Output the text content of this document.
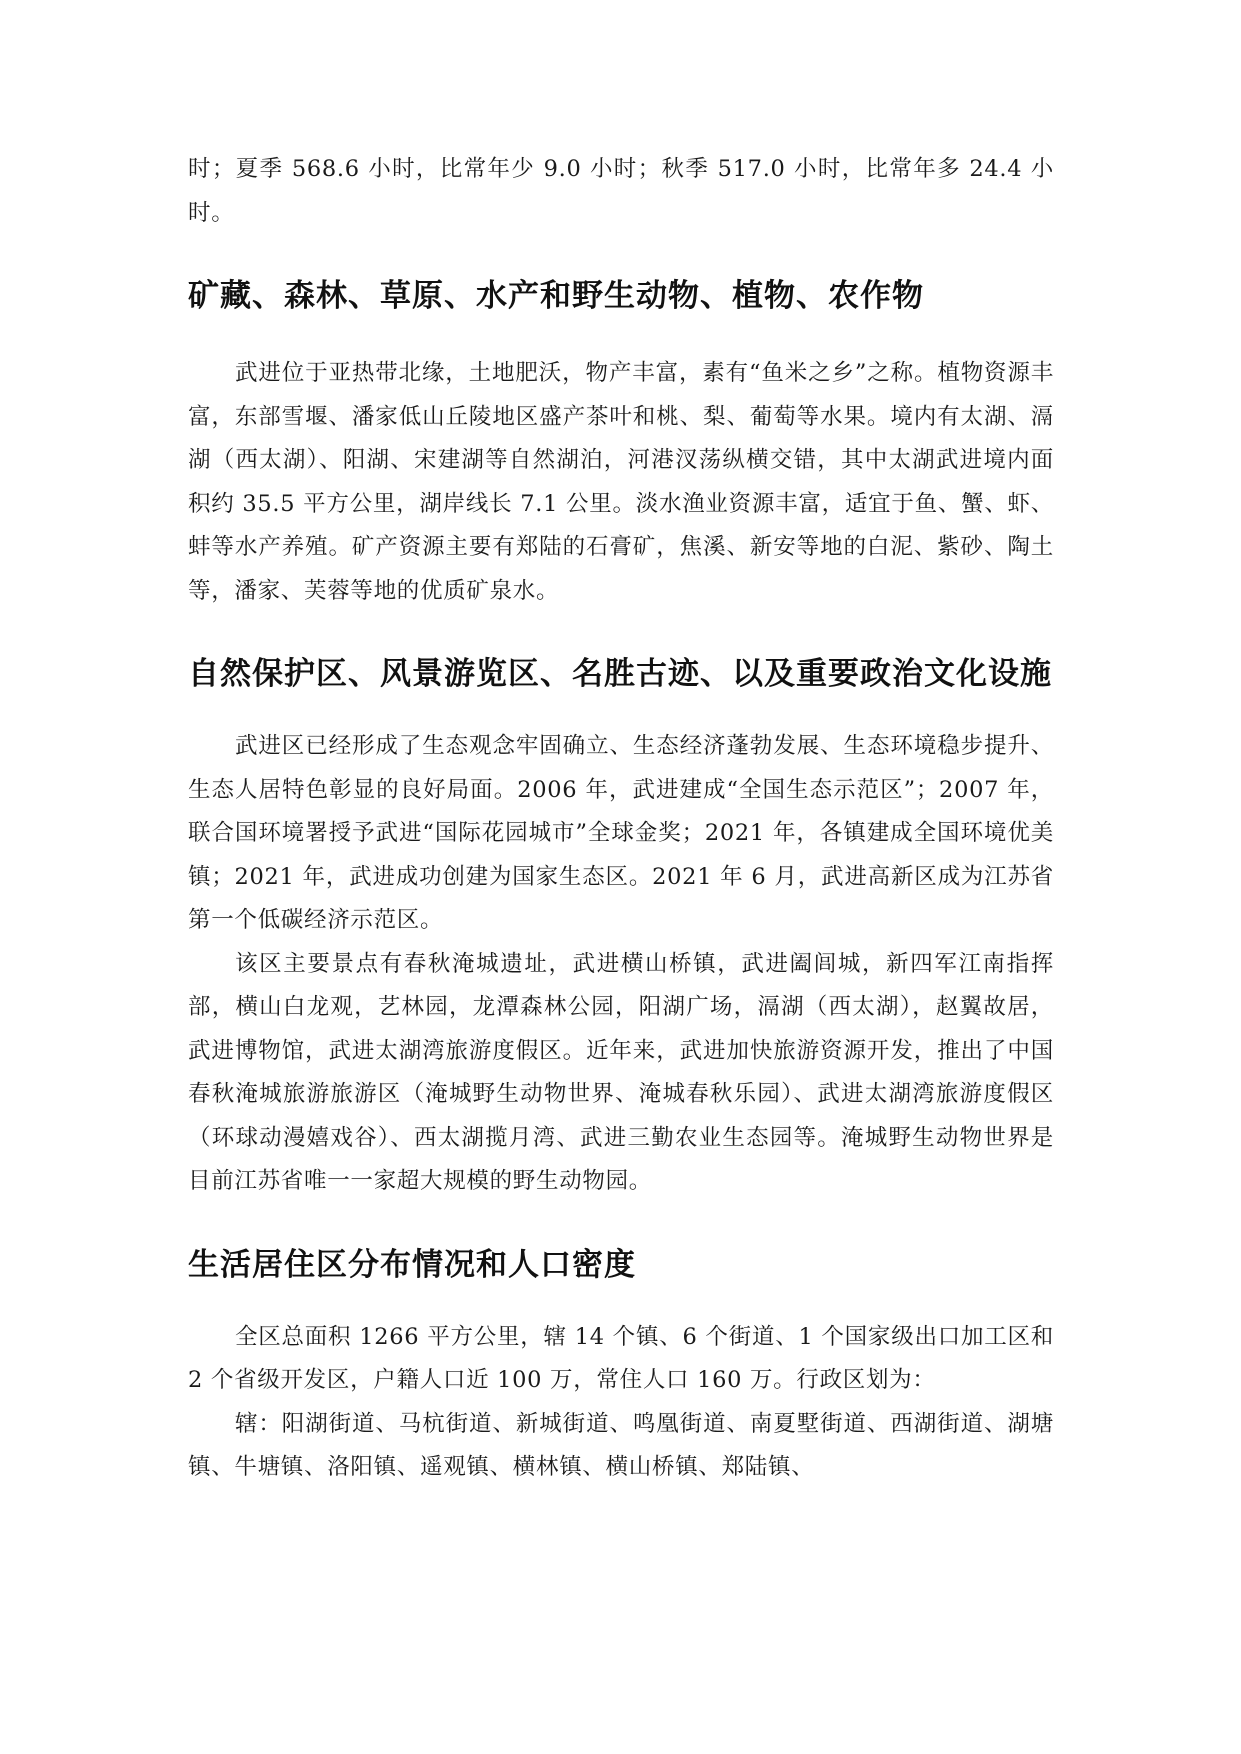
时；夏季 568.6 小时，比常年少 9.0 小时；秋季 517.0 小时，比常年多 24.4 小时。

矿藏、森林、草原、水产和野生动物、植物、农作物

武进位于亚热带北缘，土地肥沃，物产丰富，素有“鱼米之乡”之称。植物资源丰富，东部雪堰、潘家低山丘陵地区盛产茶叶和桃、梨、葡萄等水果。境内有太湖、滆湖（西太湖）、阳湖、宋建湖等自然湖泊，河港汊荡纵横交错，其中太湖武进境内面积约 35.5 平方公里，湖岸线长 7.1 公里。淡水渔业资源丰富，适宜于鱼、蟹、虾、蚌等水产养殖。矿产资源主要有郑陆的石膏矿，焦溪、新安等地的白泥、紫砂、陶土等，潘家、芙蓉等地的优质矿泉水。

自然保护区、风景游览区、名胜古迹、以及重要政治文化设施

武进区已经形成了生态观念牢固确立、生态经济蓬勃发展、生态环境稳步提升、生态人居特色彰显的良好局面。2006 年，武进建成“全国生态示范区”；2007 年，联合国环境署授予武进“国际花园城市”全球金奖；2021 年，各镇建成全国环境优美镇；2021 年，武进成功创建为国家生态区。2021 年 6 月，武进高新区成为江苏省第一个低碳经济示范区。

该区主要景点有春秋淹城遗址，武进横山桥镇，武进阖闾城，新四军江南指挥部，横山白龙观，艺林园，龙潭森林公园，阳湖广场，滆湖（西太湖），赵翼故居，武进博物馆，武进太湖湾旅游度假区。近年来，武进加快旅游资源开发，推出了中国春秋淹城旅游旅游区（淹城野生动物世界、淹城春秋乐园）、武进太湖湾旅游度假区（环球动漫嬉戏谷）、西太湖揽月湾、武进三勤农业生态园等。淹城野生动物世界是目前江苏省唯一一家超大规模的野生动物园。

生活居住区分布情况和人口密度

全区总面积 1266 平方公里，辖 14 个镇、6 个街道、1 个国家级出口加工区和 2 个省级开发区，户籍人口近 100 万，常住人口 160 万。行政区划为：

辖：阳湖街道、马杭街道、新城街道、鸣凰街道、南夏墅街道、西湖街道、湖塘镇、牛塘镇、洛阳镇、遥观镇、横林镇、横山桥镇、郑陆镇、
